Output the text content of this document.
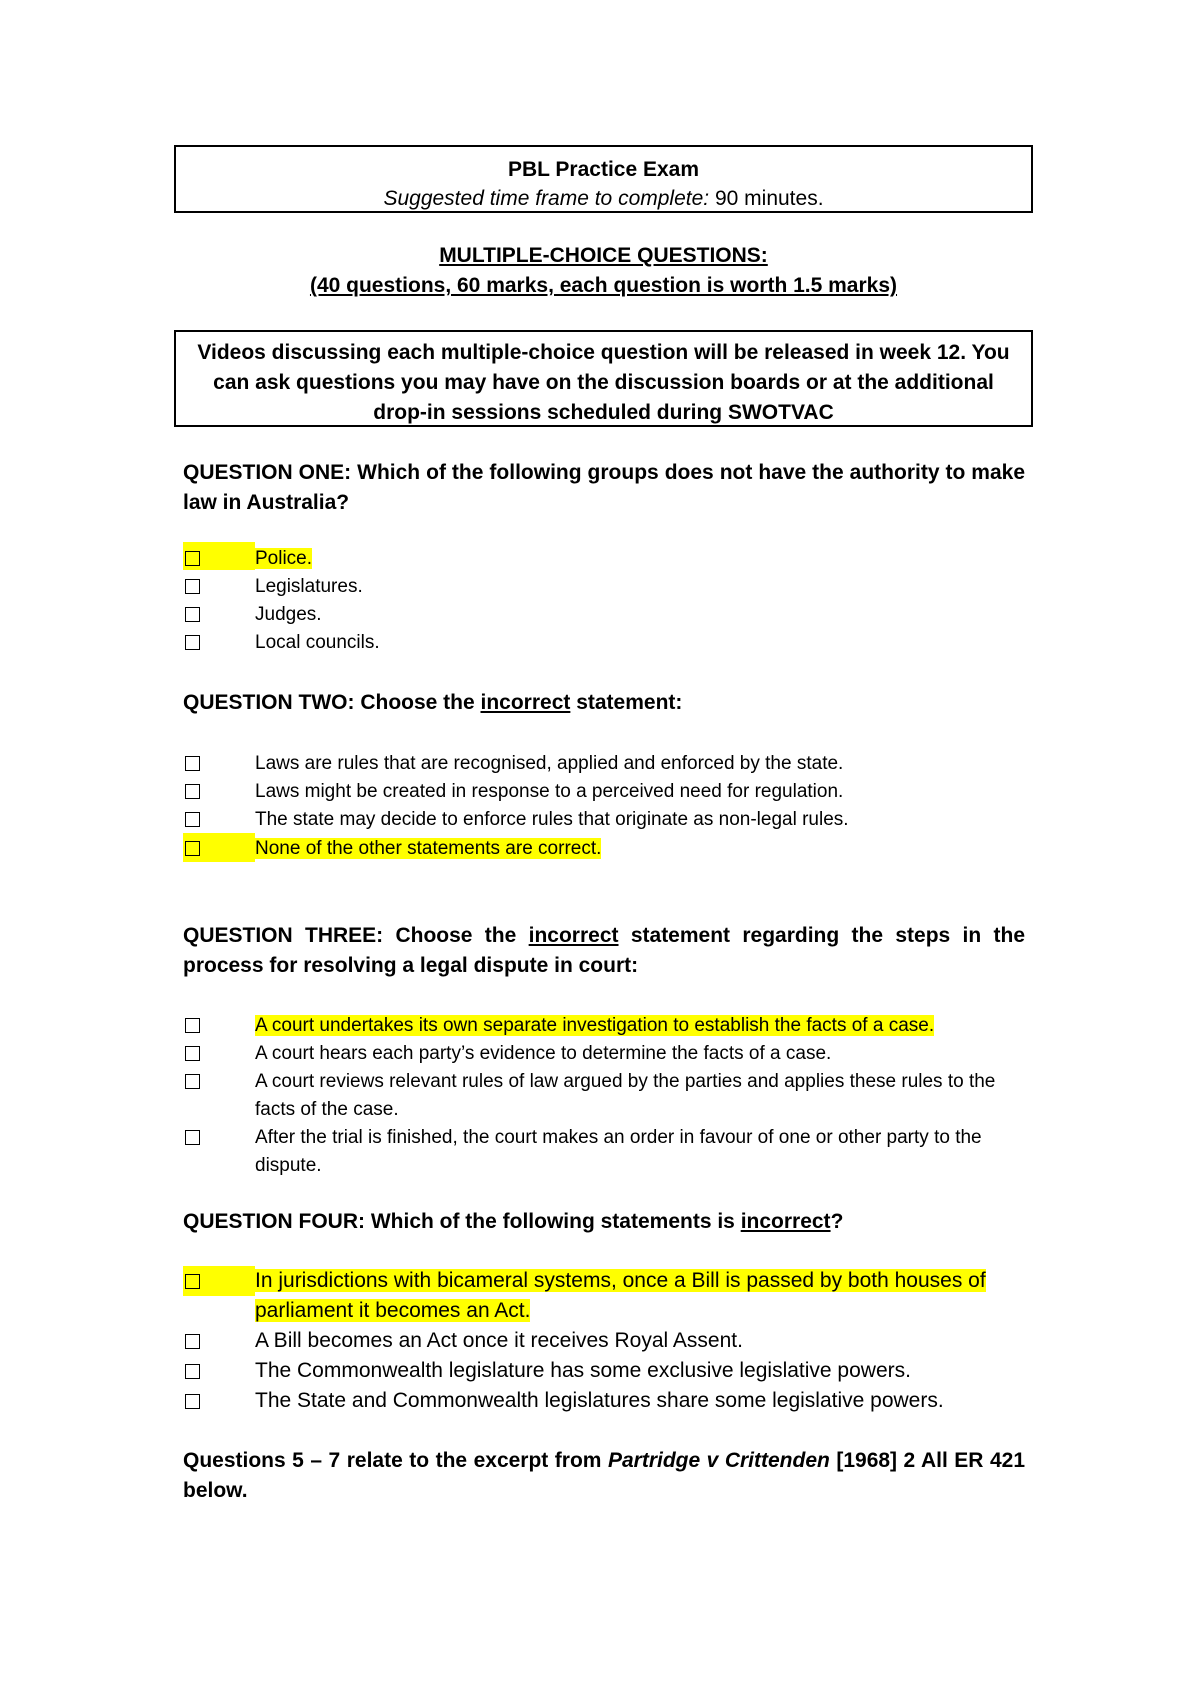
PBL Practice Exam
Suggested time frame to complete: 90 minutes.
MULTIPLE-CHOICE QUESTIONS:
(40 questions, 60 marks, each question is worth 1.5 marks)
Videos discussing each multiple-choice question will be released in week 12. You can ask questions you may have on the discussion boards or at the additional drop-in sessions scheduled during SWOTVAC
QUESTION ONE: Which of the following groups does not have the authority to make law in Australia?
Police.
Legislatures.
Judges.
Local councils.
QUESTION TWO: Choose the incorrect statement:
Laws are rules that are recognised, applied and enforced by the state.
Laws might be created in response to a perceived need for regulation.
The state may decide to enforce rules that originate as non-legal rules.
None of the other statements are correct.
QUESTION THREE: Choose the incorrect statement regarding the steps in the process for resolving a legal dispute in court:
A court undertakes its own separate investigation to establish the facts of a case.
A court hears each party’s evidence to determine the facts of a case.
A court reviews relevant rules of law argued by the parties and applies these rules to the facts of the case.
After the trial is finished, the court makes an order in favour of one or other party to the dispute.
QUESTION FOUR: Which of the following statements is incorrect?
In jurisdictions with bicameral systems, once a Bill is passed by both houses of parliament it becomes an Act.
A Bill becomes an Act once it receives Royal Assent.
The Commonwealth legislature has some exclusive legislative powers.
The State and Commonwealth legislatures share some legislative powers.
Questions 5 – 7 relate to the excerpt from Partridge v Crittenden [1968] 2 All ER 421 below.
